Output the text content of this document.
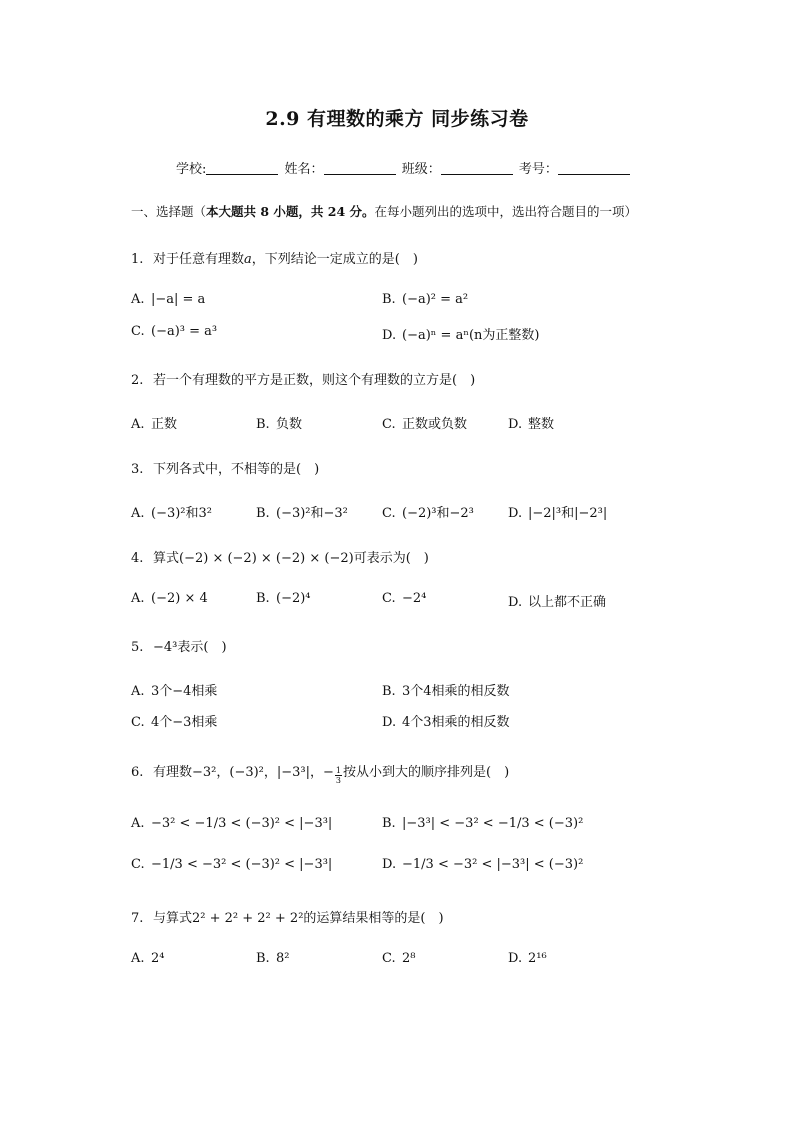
2.9 有理数的乘方 同步练习卷
学校:	姓名：	班级：	考号：
一、选择题（本大题共 8 小题，共 24 分。在每小题列出的选项中，选出符合题目的一项）
1. 对于任意有理数a，下列结论一定成立的是(　)
A. |−a| = a	B. (−a)² = a²
C. (−a)³ = a³	D. (−a)ⁿ = aⁿ(n为正整数)
2. 若一个有理数的平方是正数，则这个有理数的立方是(　)
A. 正数	B. 负数	C. 正数或负数	D. 整数
3. 下列各式中，不相等的是(　)
A. (−3)²和3²	B. (−3)²和−3²	C. (−2)³和−2³	D. |−2|³和|−2³|
4. 算式(−2) × (−2) × (−2) × (−2)可表示为(　)
A. (−2) × 4	B. (−2)⁴	C. −2⁴	D. 以上都不正确
5. −4³表示(　)
A. 3个−4相乘	B. 3个4相乘的相反数
C. 4个−3相乘	D. 4个3相乘的相反数
6. 有理数−3²，(−3)²，|−3³|，− $\frac{1}{3}$ 按从小到大的顺序排列是(　)
A. −3² < −1/3 < (−3)² < |−3³|	B. |−3³| < −3² < −1/3 < (−3)²
C. −1/3 < −3² < (−3)² < |−3³|	D. −1/3 < −3² < |−3³| < (−3)²
7. 与算式2² + 2² + 2² + 2²的运算结果相等的是(　)
A. 2⁴	B. 8²	C. 2⁸	D. 2¹⁶
